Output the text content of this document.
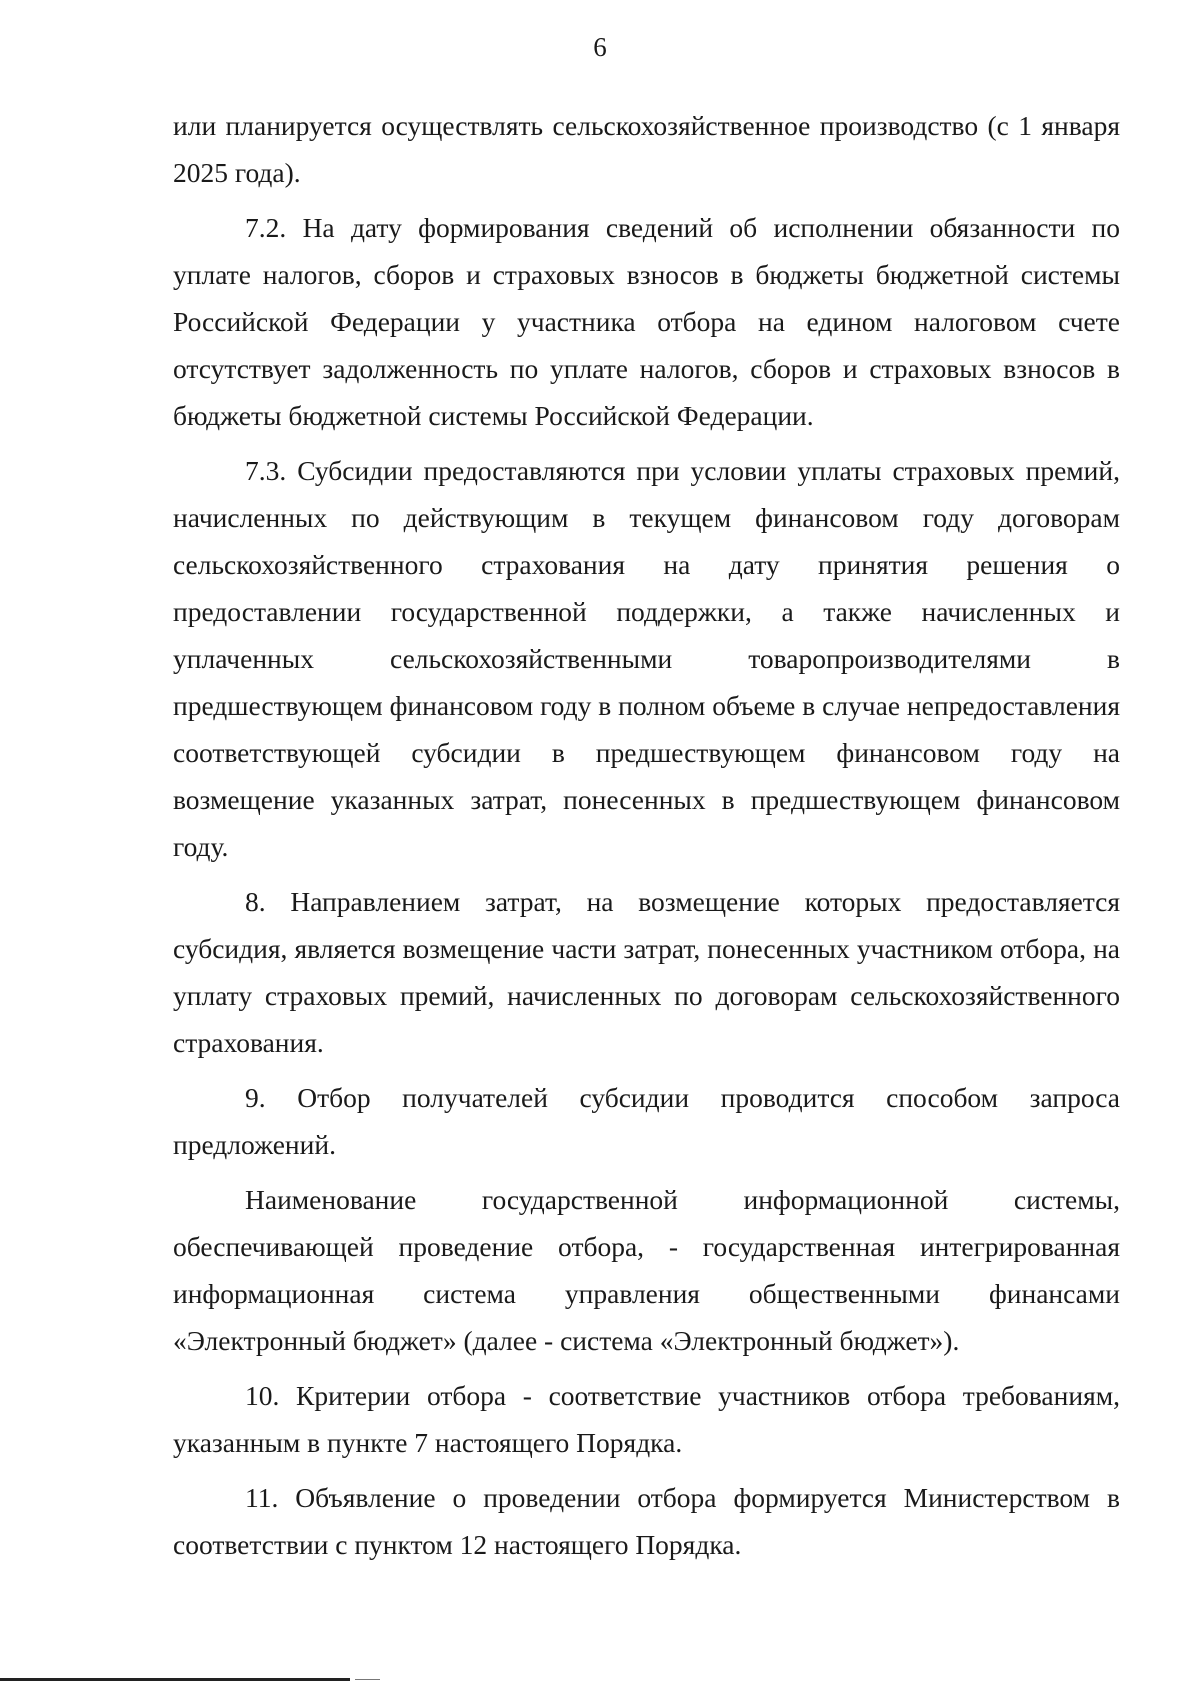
6

или планируется осуществлять сельскохозяйственное производство (с 1 января 2025 года).

7.2. На дату формирования сведений об исполнении обязанности по уплате налогов, сборов и страховых взносов в бюджеты бюджетной системы Российской Федерации у участника отбора на едином налоговом счете отсутствует задолженность по уплате налогов, сборов и страховых взносов в бюджеты бюджетной системы Российской Федерации.

7.3. Субсидии предоставляются при условии уплаты страховых премий, начисленных по действующим в текущем финансовом году договорам сельскохозяйственного страхования на дату принятия решения о предоставлении государственной поддержки, а также начисленных и уплаченных сельскохозяйственными товаропроизводителями в предшествующем финансовом году в полном объеме в случае непредоставления соответствующей субсидии в предшествующем финансовом году на возмещение указанных затрат, понесенных в предшествующем финансовом году.

8. Направлением затрат, на возмещение которых предоставляется субсидия, является возмещение части затрат, понесенных участником отбора, на уплату страховых премий, начисленных по договорам сельскохозяйственного страхования.

9. Отбор получателей субсидии проводится способом запроса предложений.

Наименование государственной информационной системы, обеспечивающей проведение отбора, - государственная интегрированная информационная система управления общественными финансами «Электронный бюджет» (далее - система «Электронный бюджет»).

10. Критерии отбора - соответствие участников отбора требованиям, указанным в пункте 7 настоящего Порядка.

11. Объявление о проведении отбора формируется Министерством в соответствии с пунктом 12 настоящего Порядка.
